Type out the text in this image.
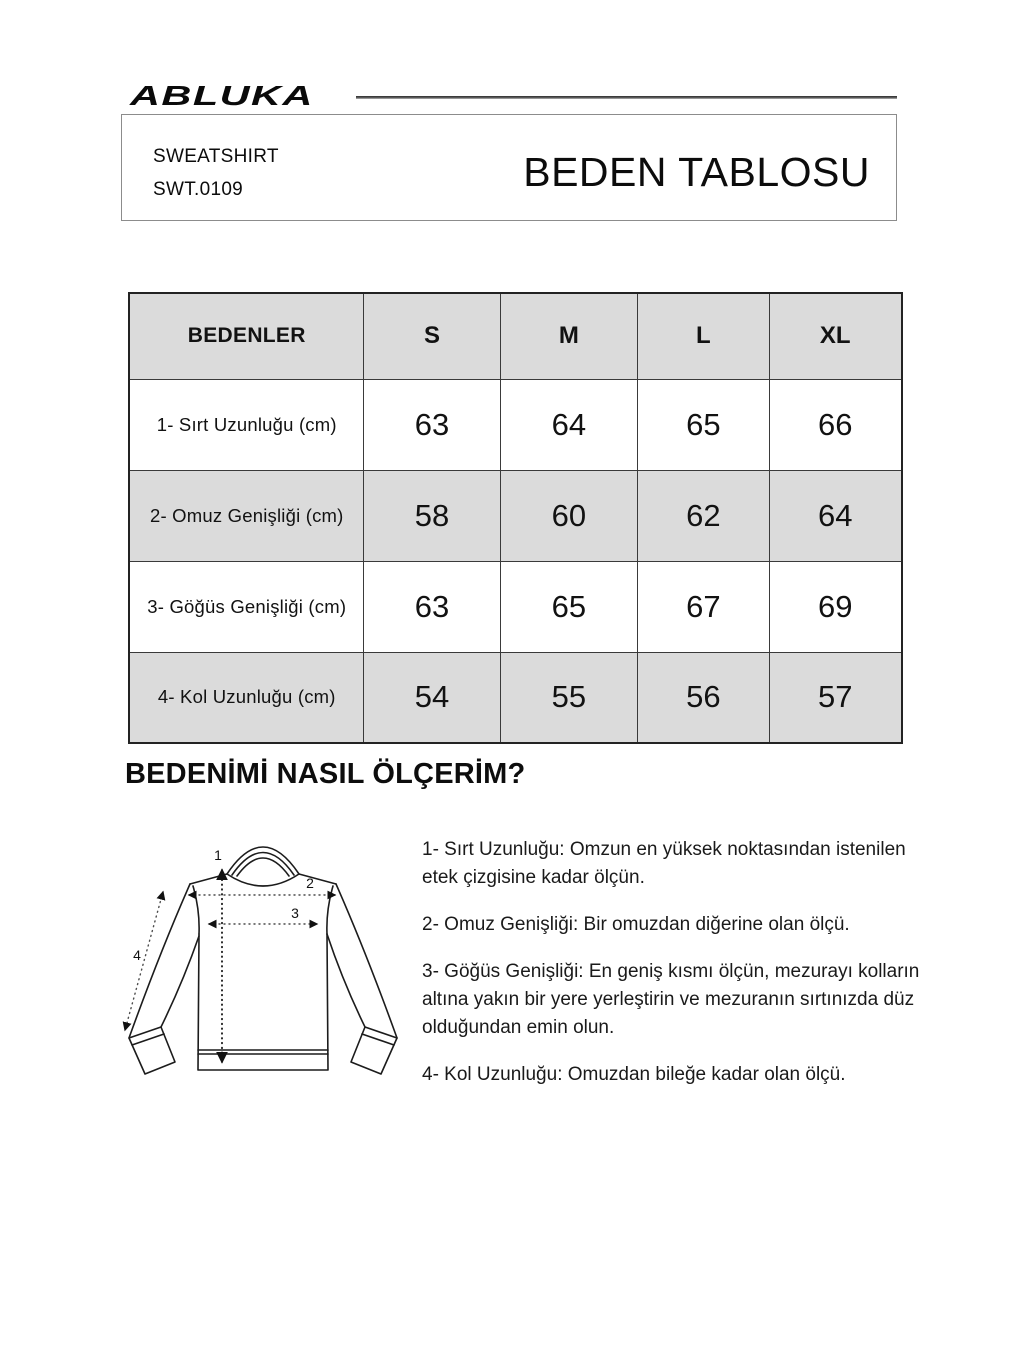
ABLUKA
SWEATSHIRT
SWT.0109	BEDEN TABLOSU
BEDENLER	S	M	L	XL
1- Sırt Uzunluğu (cm)	63	64	65	66
2- Omuz Genişliği (cm)	58	60	62	64
3- Göğüs Genişliği (cm)	63	65	67	69
4- Kol Uzunluğu (cm)	54	55	56	57
BEDENİMİ NASIL ÖLÇERİM?
1
2
3
4

1- Sırt Uzunluğu: Omzun en yüksek noktasından istenilen etek çizgisine kadar ölçün.

2- Omuz Genişliği: Bir omuzdan diğerine olan ölçü.

3- Göğüs Genişliği: En geniş kısmı ölçün, mezurayı kolların altına yakın bir yere yerleştirin ve mezuranın sırtınızda düz olduğundan emin olun.

4- Kol Uzunluğu: Omuzdan bileğe kadar olan ölçü.
